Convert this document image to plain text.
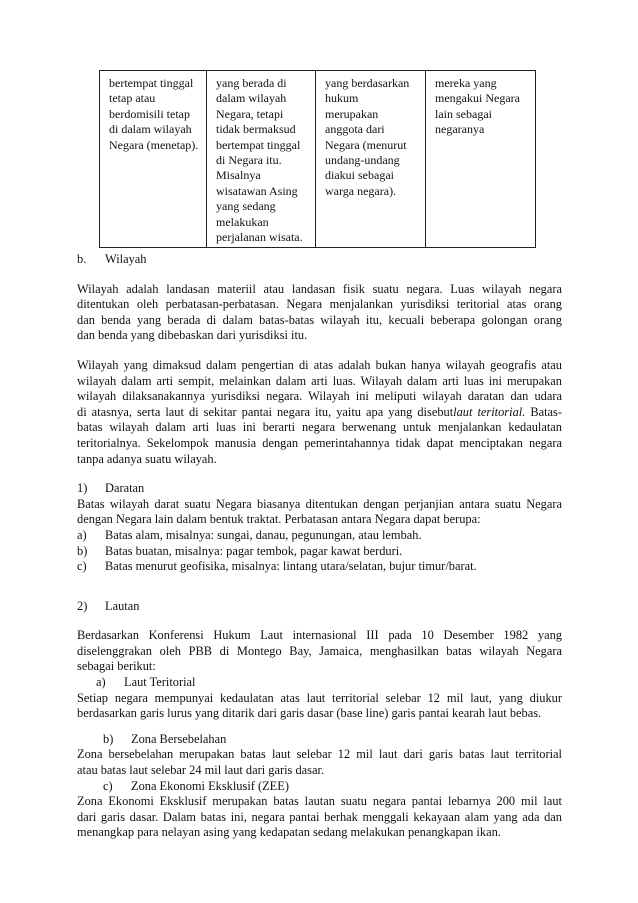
bertempat tinggal
tetap atau
berdomisili tetap
di dalam wilayah
Negara (menetap).

yang berada di
dalam wilayah
Negara, tetapi
tidak bermaksud
bertempat tinggal
di Negara itu.
Misalnya
wisatawan Asing
yang sedang
melakukan
perjalanan wisata.

yang berdasarkan
hukum
merupakan
anggota dari
Negara (menurut
undang-undang
diakui sebagai
warga negara).

mereka yang
mengakui Negara
lain sebagai
negaranya

b. Wilayah

Wilayah adalah landasan materiil atau landasan fisik suatu negara. Luas wilayah negara

ditentukan oleh perbatasan-perbatasan. Negara menjalankan yurisdiksi teritorial atas orang

dan benda yang berada di dalam batas-batas wilayah itu, kecuali beberapa golongan orang

dan benda yang dibebaskan dari yurisdiksi itu.

Wilayah yang dimaksud dalam pengertian di atas adalah bukan hanya wilayah geografis atau

wilayah dalam arti sempit, melainkan dalam arti luas. Wilayah dalam arti luas ini merupakan

wilayah dilaksanakannya yurisdiksi negara. Wilayah ini meliputi wilayah daratan dan udara

di atasnya, serta laut di sekitar pantai negara itu, yaitu apa yang disebutlaut teritorial. Batas-

batas wilayah dalam arti luas ini berarti negara berwenang untuk menjalankan kedaulatan

teritorialnya. Sekelompok manusia dengan pemerintahannya tidak dapat menciptakan negara

tanpa adanya suatu wilayah.

1) Daratan

Batas wilayah darat suatu Negara biasanya ditentukan dengan perjanjian antara suatu Negara

dengan Negara lain dalam bentuk traktat. Perbatasan antara Negara dapat berupa:

a) Batas alam, misalnya: sungai, danau, pegunungan, atau lembah.

b) Batas buatan, misalnya: pagar tembok, pagar kawat berduri.

c) Batas menurut geofisika, misalnya: lintang utara/selatan, bujur timur/barat.

2) Lautan

Berdasarkan Konferensi Hukum Laut internasional III pada 10 Desember 1982 yang

diselenggrakan oleh PBB di Montego Bay, Jamaica, menghasilkan batas wilayah Negara

sebagai berikut:

a) Laut Teritorial

Setiap negara mempunyai kedaulatan atas laut territorial selebar 12 mil laut, yang diukur

berdasarkan garis lurus yang ditarik dari garis dasar (base line) garis pantai kearah laut bebas.

b) Zona Bersebelahan

Zona bersebelahan merupakan batas laut selebar 12 mil laut dari garis batas laut territorial

atau batas laut selebar 24 mil laut dari garis dasar.

c) Zona Ekonomi Eksklusif (ZEE)

Zona Ekonomi Eksklusif merupakan batas lautan suatu negara pantai lebarnya 200 mil laut

dari garis dasar. Dalam batas ini, negara pantai berhak menggali kekayaan alam yang ada dan

menangkap para nelayan asing yang kedapatan sedang melakukan penangkapan ikan.
